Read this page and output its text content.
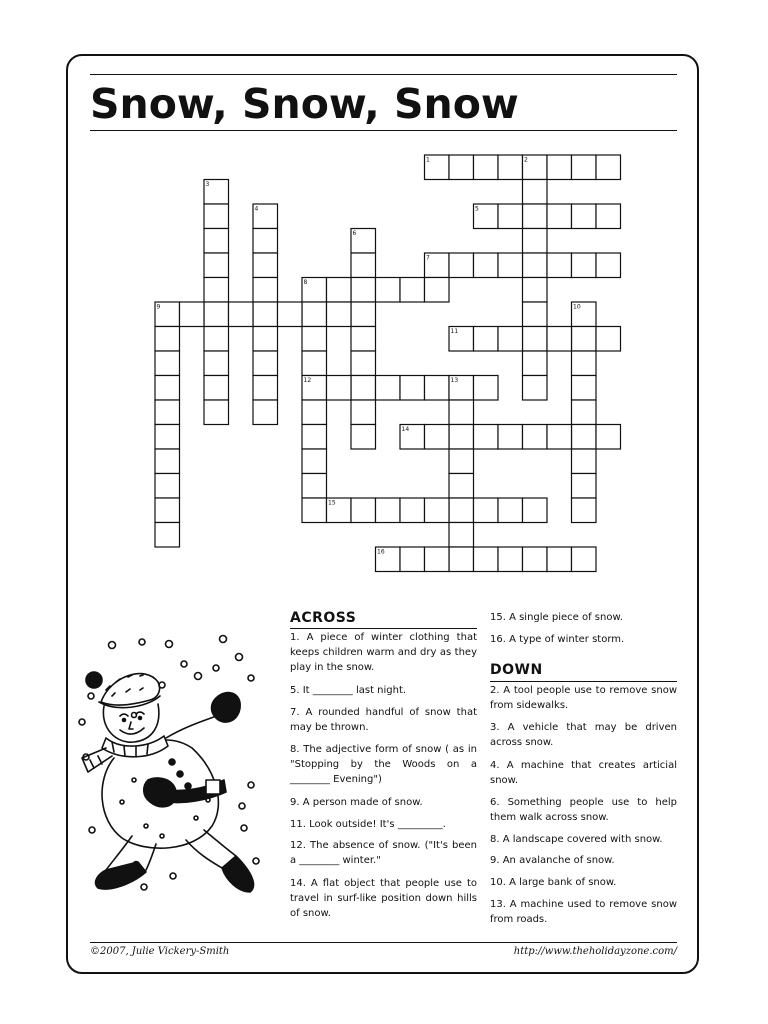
Snow, Snow, Snow
1	2
3
4	5
6
7
8
9	10
11
12	13
14
15
16
ACROSS
1. A piece of winter clothing that keeps children warm and dry as they play in the snow.
5. It ________ last night.
7. A rounded handful of snow that may be thrown.
8. The adjective form of snow ( as in "Stopping by the Woods on a ________ Evening")
9. A person made of snow.
11. Look outside! It's _________.
12. The absence of snow. ("It's been a ________ winter."
14. A flat object that people use to travel in surf-like position down hills of snow.
15. A single piece of snow.
16. A type of winter storm.
DOWN
2. A tool people use to remove snow from sidewalks.
3. A vehicle that may be driven across snow.
4. A machine that creates articial snow.
6. Something people use to help them walk across snow.
8. A landscape covered with snow.
9. An avalanche of snow.
10. A large bank of snow.
13. A machine used to remove snow from roads.
©2007, Julie Vickery-Smith	http://www.theholidayzone.com/
